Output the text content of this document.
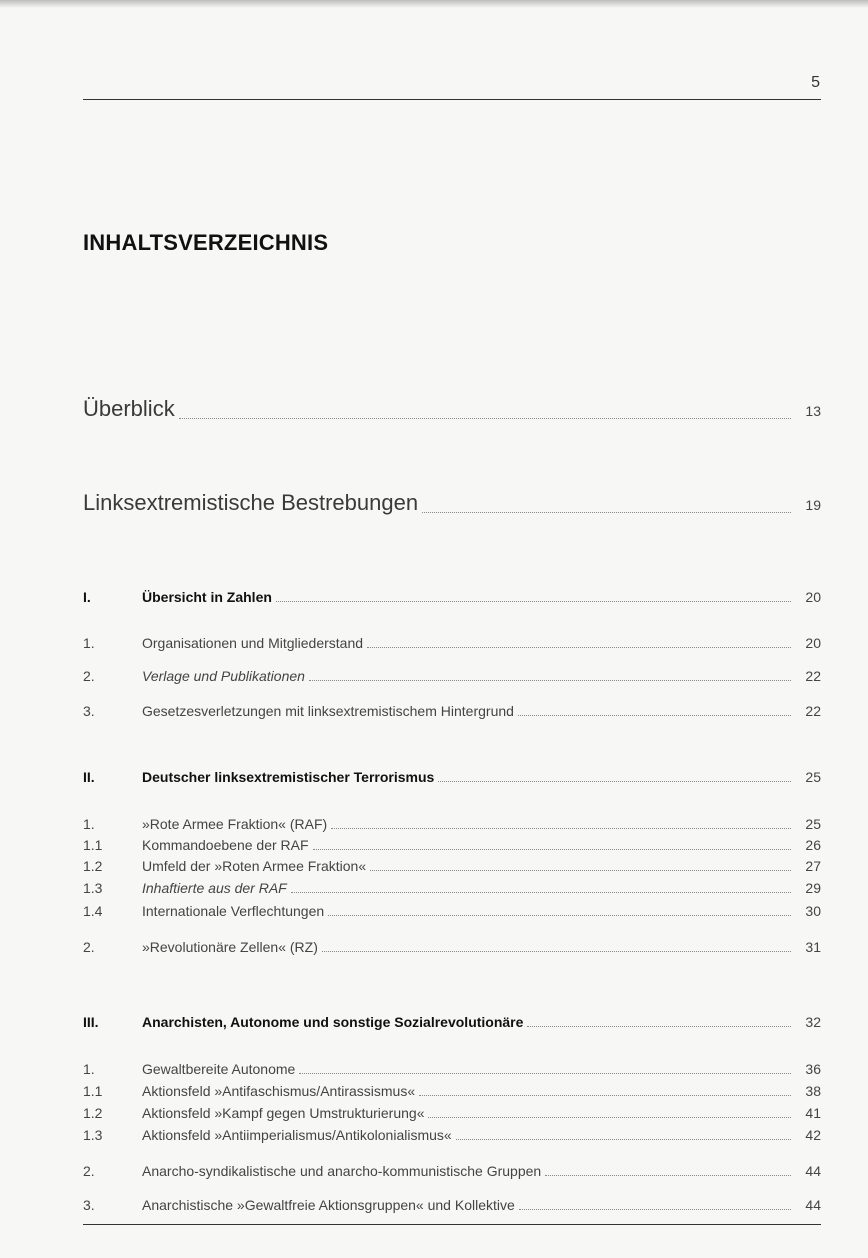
5
INHALTSVERZEICHNIS
Überblick	13
Linksextremistische Bestrebungen	19
I.	Übersicht in Zahlen	20
1.	Organisationen und Mitgliederstand	20
2.	Verlage und Publikationen	22
3.	Gesetzesverletzungen mit linksextremistischem Hintergrund	22
II.	Deutscher linksextremistischer Terrorismus	25
1.	»Rote Armee Fraktion« (RAF)	25
1.1	Kommandoebene der RAF	26
1.2	Umfeld der »Roten Armee Fraktion«	27
1.3	Inhaftierte aus der RAF	29
1.4	Internationale Verflechtungen	30
2.	»Revolutionäre Zellen« (RZ)	31
III.	Anarchisten, Autonome und sonstige Sozialrevolutionäre	32
1.	Gewaltbereite Autonome	36
1.1	Aktionsfeld »Antifaschismus/Antirassismus«	38
1.2	Aktionsfeld »Kampf gegen Umstrukturierung«	41
1.3	Aktionsfeld »Antiimperialismus/Antikolonialismus«	42
2.	Anarcho-syndikalistische und anarcho-kommunistische Gruppen	44
3.	Anarchistische »Gewaltfreie Aktionsgruppen« und Kollektive	44
